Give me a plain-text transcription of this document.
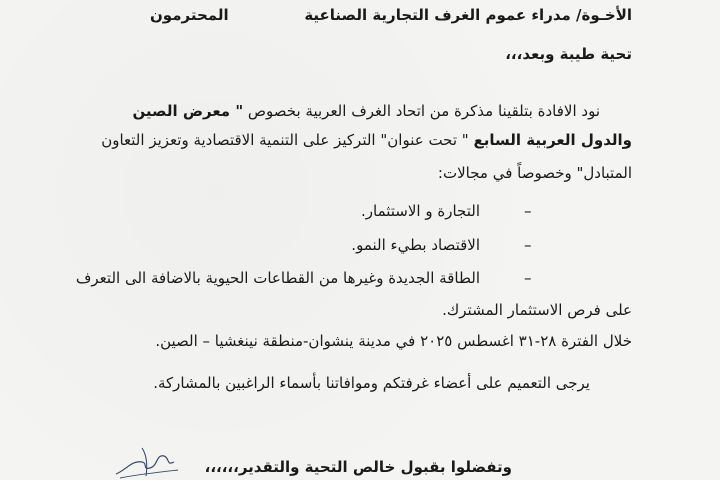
الأخـوة/ مدراء عموم الغرف التجارية الصناعية
المحترمون
تحية طيبة وبعد،،،
نود الافادة بتلقينا مذكرة من اتحاد الغرف العربية بخصوص " معرض الصين
والدول العربية السابع " تحت عنوان" التركيز على التنمية الاقتصادية وتعزيز التعاون
المتبادل" وخصوصاً في مجالات:
–
التجارة و الاستثمار.
–
الاقتصاد بطيء النمو.
–
الطاقة الجديدة وغيرها من القطاعات الحيوية بالاضافة الى التعرف
على فرص الاستثمار المشترك.
خلال الفترة ٢٨-٣١ اغسطس ٢٠٢٥ في مدينة ينشوان-منطقة نينغشيا – الصين.
يرجى التعميم على أعضاء غرفتكم وموافاتنا بأسماء الراغبين بالمشاركة.
وتفضلوا بقبول خالص التحية والتقدير،،،،،،
